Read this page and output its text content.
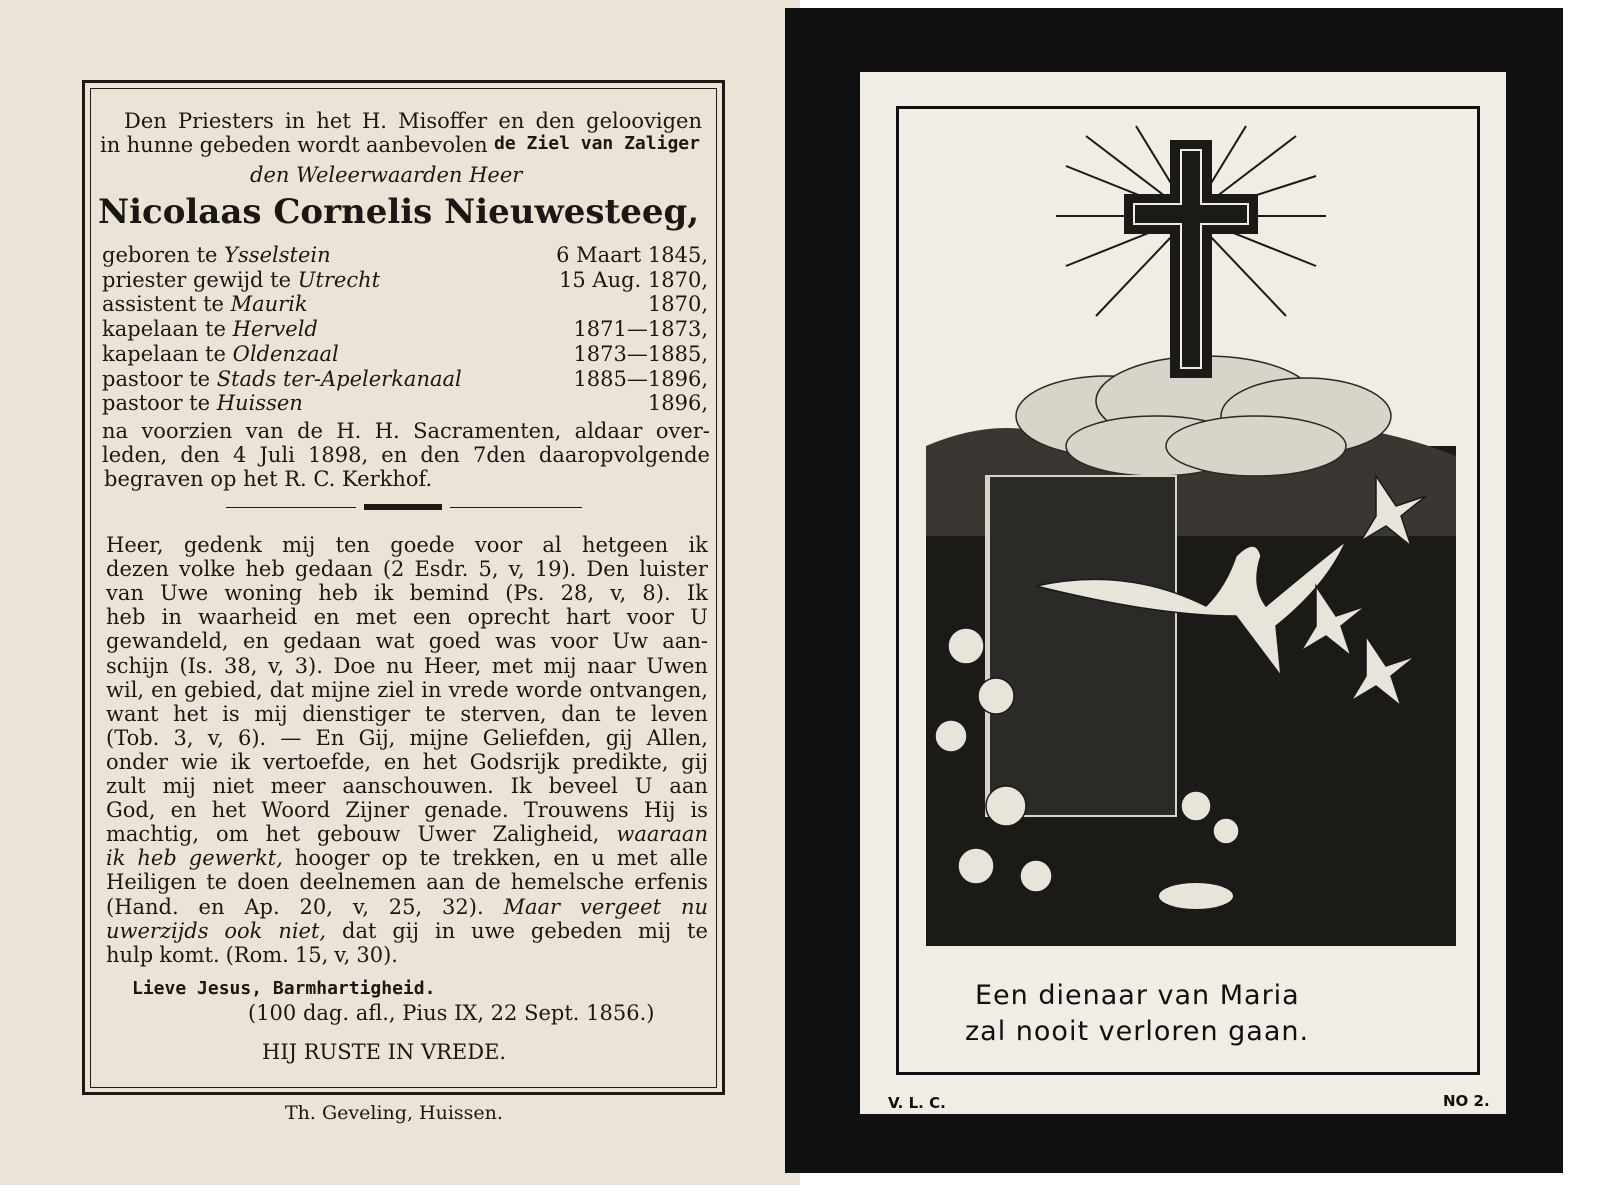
Den Priesters in het H. Misoffer en den geloovigen
in hunne gebeden wordt aanbevolen de Ziel van Zaliger
den Weleerwaarden Heer
Nicolaas Cornelis Nieuwesteeg,
geboren te Ysselstein	6 Maart 1845,
priester gewijd te Utrecht	15 Aug. 1870,
assistent te Maurik	1870,
kapelaan te Herveld	1871—1873,
kapelaan te Oldenzaal	1873—1885,
pastoor te Stads ter-Apelerkanaal	1885—1896,
pastoor te Huissen	1896,
na voorzien van de H. H. Sacramenten, aldaar over-
leden, den 4 Juli 1898, en den 7den daaropvolgende
begraven op het R. C. Kerkhof.
Heer, gedenk mij ten goede voor al hetgeen ik
dezen volke heb gedaan (2 Esdr. 5, v, 19). Den luister
van Uwe woning heb ik bemind (Ps. 28, v, 8). Ik
heb in waarheid en met een oprecht hart voor U
gewandeld, en gedaan wat goed was voor Uw aan-
schijn (Is. 38, v, 3). Doe nu Heer, met mij naar Uwen
wil, en gebied, dat mijne ziel in vrede worde ontvangen,
want het is mij dienstiger te sterven, dan te leven
(Tob. 3, v, 6). — En Gij, mijne Geliefden, gij Allen,
onder wie ik vertoefde, en het Godsrijk predikte, gij
zult mij niet meer aanschouwen. Ik beveel U aan
God, en het Woord Zijner genade. Trouwens Hij is
machtig, om het gebouw Uwer Zaligheid, waaraan
ik heb gewerkt, hooger op te trekken, en u met alle
Heiligen te doen deelnemen aan de hemelsche erfenis
(Hand. en Ap. 20, v, 25, 32). Maar vergeet nu
uwerzijds ook niet, dat gij in uwe gebeden mij te
hulp komt. (Rom. 15, v, 30).
Lieve Jesus, Barmhartigheid.
(100 dag. afl., Pius IX, 22 Sept. 1856.)
HIJ RUSTE IN VREDE.
Th. Geveling, Huissen.
Een dienaar van Maria
zal nooit verloren gaan.
V. L. C.	NO 2.
